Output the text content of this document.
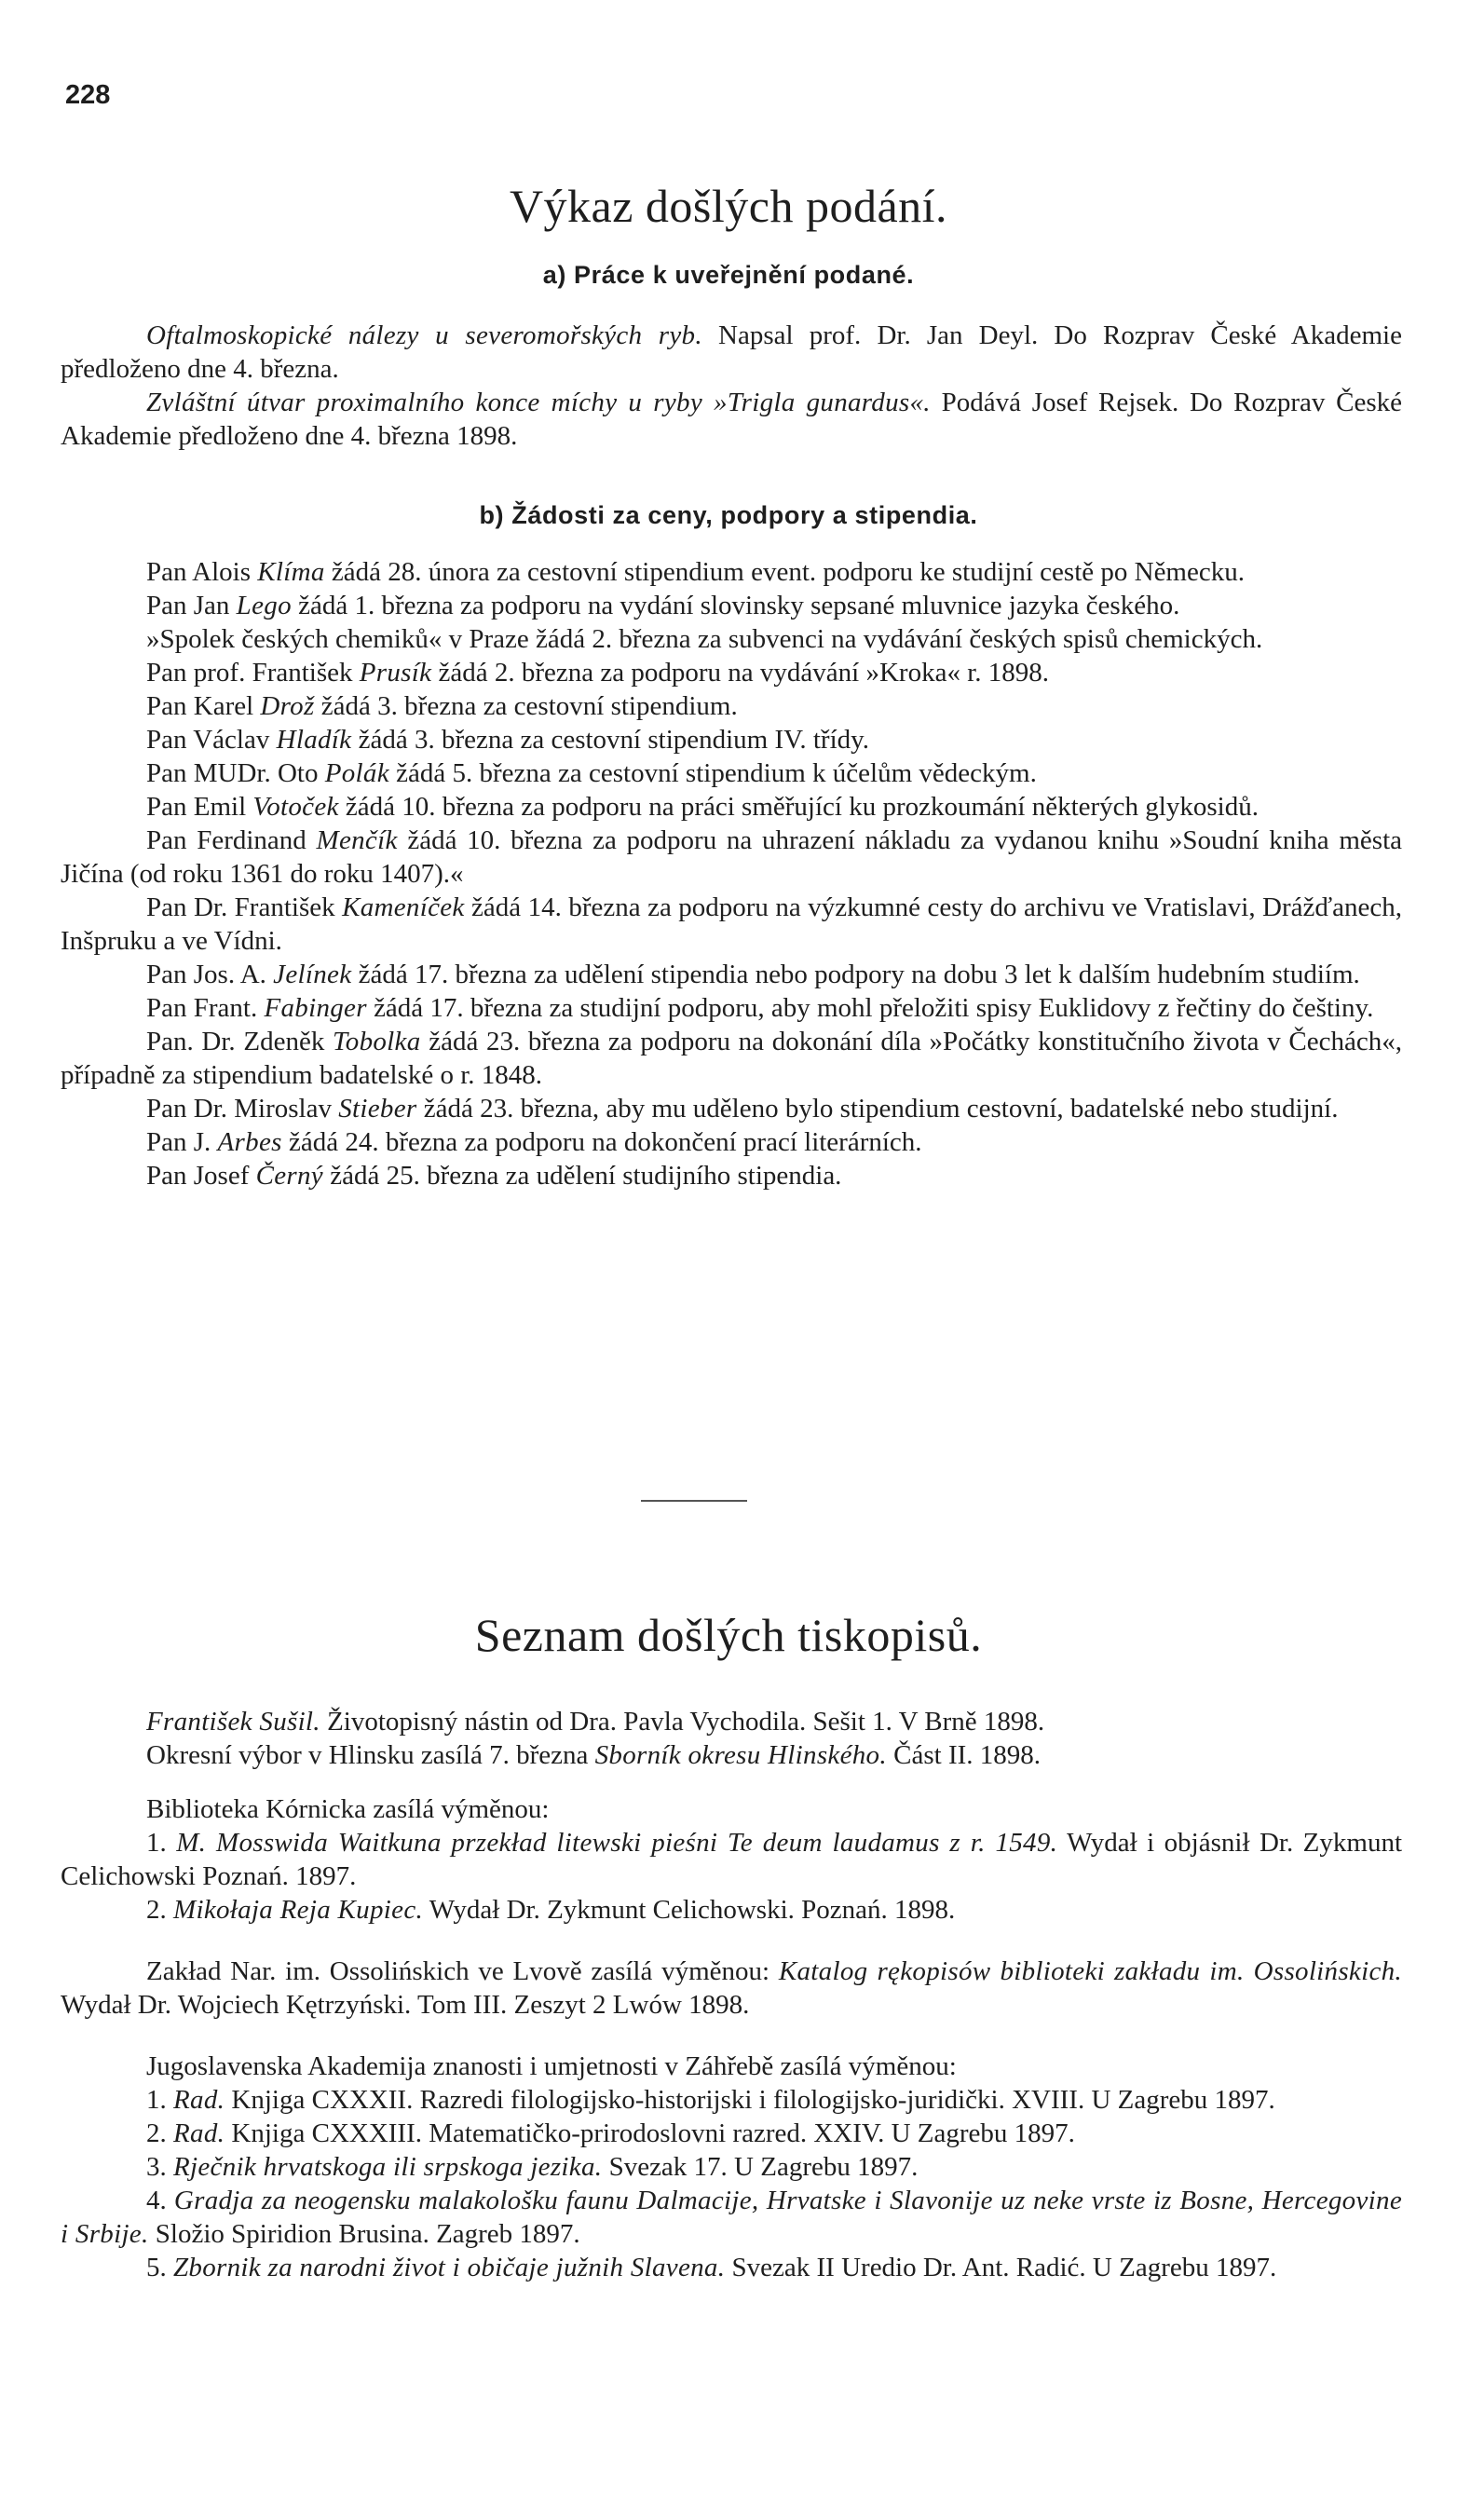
228
Výkaz došlých podání.
a) Práce k uveřejnění podané.

Oftalmoskopické nálezy u severomořských ryb. Napsal prof. Dr. Jan Deyl. Do Rozprav České Akademie předloženo dne 4. března.

Zvláštní útvar proximalního konce míchy u ryby »Trigla gunardus«. Podává Josef Rejsek. Do Rozprav České Akademie předloženo dne 4. března 1898.

b) Žádosti za ceny, podpory a stipendia.

Pan Alois Klíma žádá 28. února za cestovní stipendium event. podporu ke studijní cestě po Německu.

Pan Jan Lego žádá 1. března za podporu na vydání slovinsky sepsané mluvnice jazyka českého.

»Spolek českých chemiků« v Praze žádá 2. března za subvenci na vydávání českých spisů chemických.

Pan prof. František Prusík žádá 2. března za podporu na vydávání »Kroka« r. 1898.

Pan Karel Drož žádá 3. března za cestovní stipendium.

Pan Václav Hladík žádá 3. března za cestovní stipendium IV. třídy.

Pan MUDr. Oto Polák žádá 5. března za cestovní stipendium k účelům vědeckým.

Pan Emil Votoček žádá 10. března za podporu na práci směřující ku prozkoumání některých glykosidů.

Pan Ferdinand Menčík žádá 10. března za podporu na uhrazení nákladu za vydanou knihu »Soudní kniha města Jičína (od roku 1361 do roku 1407).«

Pan Dr. František Kameníček žádá 14. března za podporu na výzkumné cesty do archivu ve Vratislavi, Drážďanech, Inšpruku a ve Vídni.

Pan Jos. A. Jelínek žádá 17. března za udělení stipendia nebo podpory na dobu 3 let k dalším hudebním studiím.

Pan Frant. Fabinger žádá 17. března za studijní podporu, aby mohl přeložiti spisy Euklidovy z řečtiny do češtiny.

Pan. Dr. Zdeněk Tobolka žádá 23. března za podporu na dokonání díla »Počátky konstitučního života v Čechách«, případně za stipendium badatelské o r. 1848.

Pan Dr. Miroslav Stieber žádá 23. března, aby mu uděleno bylo stipendium cestovní, badatelské nebo studijní.

Pan J. Arbes žádá 24. března za podporu na dokončení prací literárních.

Pan Josef Černý žádá 25. března za udělení studijního stipendia.

Seznam došlých tiskopisů.

František Sušil. Životopisný nástin od Dra. Pavla Vychodila. Sešit 1. V Brně 1898.

Okresní výbor v Hlinsku zasílá 7. března Sborník okresu Hlinského. Část II. 1898.

Biblioteka Kórnicka zasílá výměnou:

1. M. Mosswida Waitkuna przekład litewski pieśni Te deum laudamus z r. 1549. Wydał i objásnił Dr. Zykmunt Celichowski Poznań. 1897.

2. Mikołaja Reja Kupiec. Wydał Dr. Zykmunt Celichowski. Poznań. 1898.

Zakład Nar. im. Ossolińskich ve Lvově zasílá výměnou: Katalog rękopisów biblioteki zakładu im. Ossolińskich. Wydał Dr. Wojciech Kętrzyński. Tom III. Zeszyt 2 Lwów 1898.

Jugoslavenska Akademija znanosti i umjetnosti v Záhřebě zasílá výměnou:

1. Rad. Knjiga CXXXII. Razredi filologijsko-historijski i filologijsko-juridički. XVIII. U Zagrebu 1897.

2. Rad. Knjiga CXXXIII. Matematičko-prirodoslovni razred. XXIV. U Zagrebu 1897.

3. Rječnik hrvatskoga ili srpskoga jezika. Svezak 17. U Zagrebu 1897.

4. Gradja za neogensku malakološku faunu Dalmacije, Hrvatske i Slavonije uz neke vrste iz Bosne, Hercegovine i Srbije. Složio Spiridion Brusina. Zagreb 1897.

5. Zbornik za narodni život i običaje južnih Slavena. Svezak II Uredio Dr. Ant. Radić. U Zagrebu 1897.
